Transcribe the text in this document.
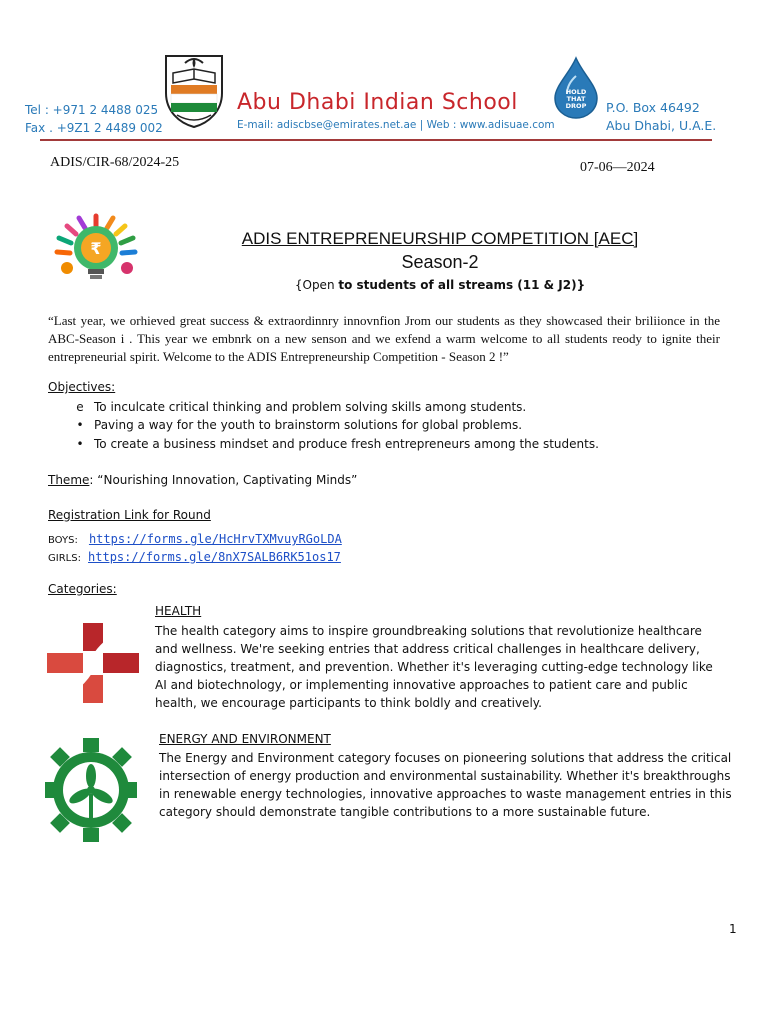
Tel : +971 2 4488 025
Fax . +9Z1 2 4489 002
Abu Dhabi Indian School
E-mail: adiscbse@emirates.net.ae | Web : www.adisuae.com
HOLD
THAT
DROP P.O. Box 46492
Abu Dhabi, U.A.E.
ADIS/CIR-68/2024-25	07-06—2024
₹
ADIS ENTREPRENEURSHIP COMPETITION [AEC]
Season-2
{Open to students of all streams (11 & J2)}
“Last year, we orhieved great success & extraordinnry innovnfion Jrom our students as they showcased their briliionce in the ABC-Season i . This year we embnrk on a new senson and we exfend a warm welcome to all students reody to ignite their entrepreneurial spirit. Welcome to the ADIS Entrepreneurship Competition - Season 2 !”
Objectives:
e To inculcate critical thinking and problem solving skills among students.
• Paving a way for the youth to brainstorm solutions for global problems.
• To create a business mindset and produce fresh entrepreneurs among the students.
Theme: “Nourishing Innovation, Captivating Minds”
Registration Link for Round
BOYS: https://forms.gle/HcHrvTXMvuyRGoLDA
GIRLS: https://forms.gle/8nX7SALB6RK51os17
Categories:
HEALTH
The health category aims to inspire groundbreaking solutions that revolutionize healthcare and wellness. We're seeking entries that address critical challenges in healthcare delivery, diagnostics, treatment, and prevention. Whether it's leveraging cutting-edge technology like AI and biotechnology, or implementing innovative approaches to patient care and public health, we encourage participants to think boldly and creatively.
ENERGY AND ENVIRONMENT
The Energy and Environment category focuses on pioneering solutions that address the critical intersection of energy production and environmental sustainability. Whether it's breakthroughs in renewable energy technologies, innovative approaches to waste management entries in this category should demonstrate tangible contributions to a more sustainable future.
1
